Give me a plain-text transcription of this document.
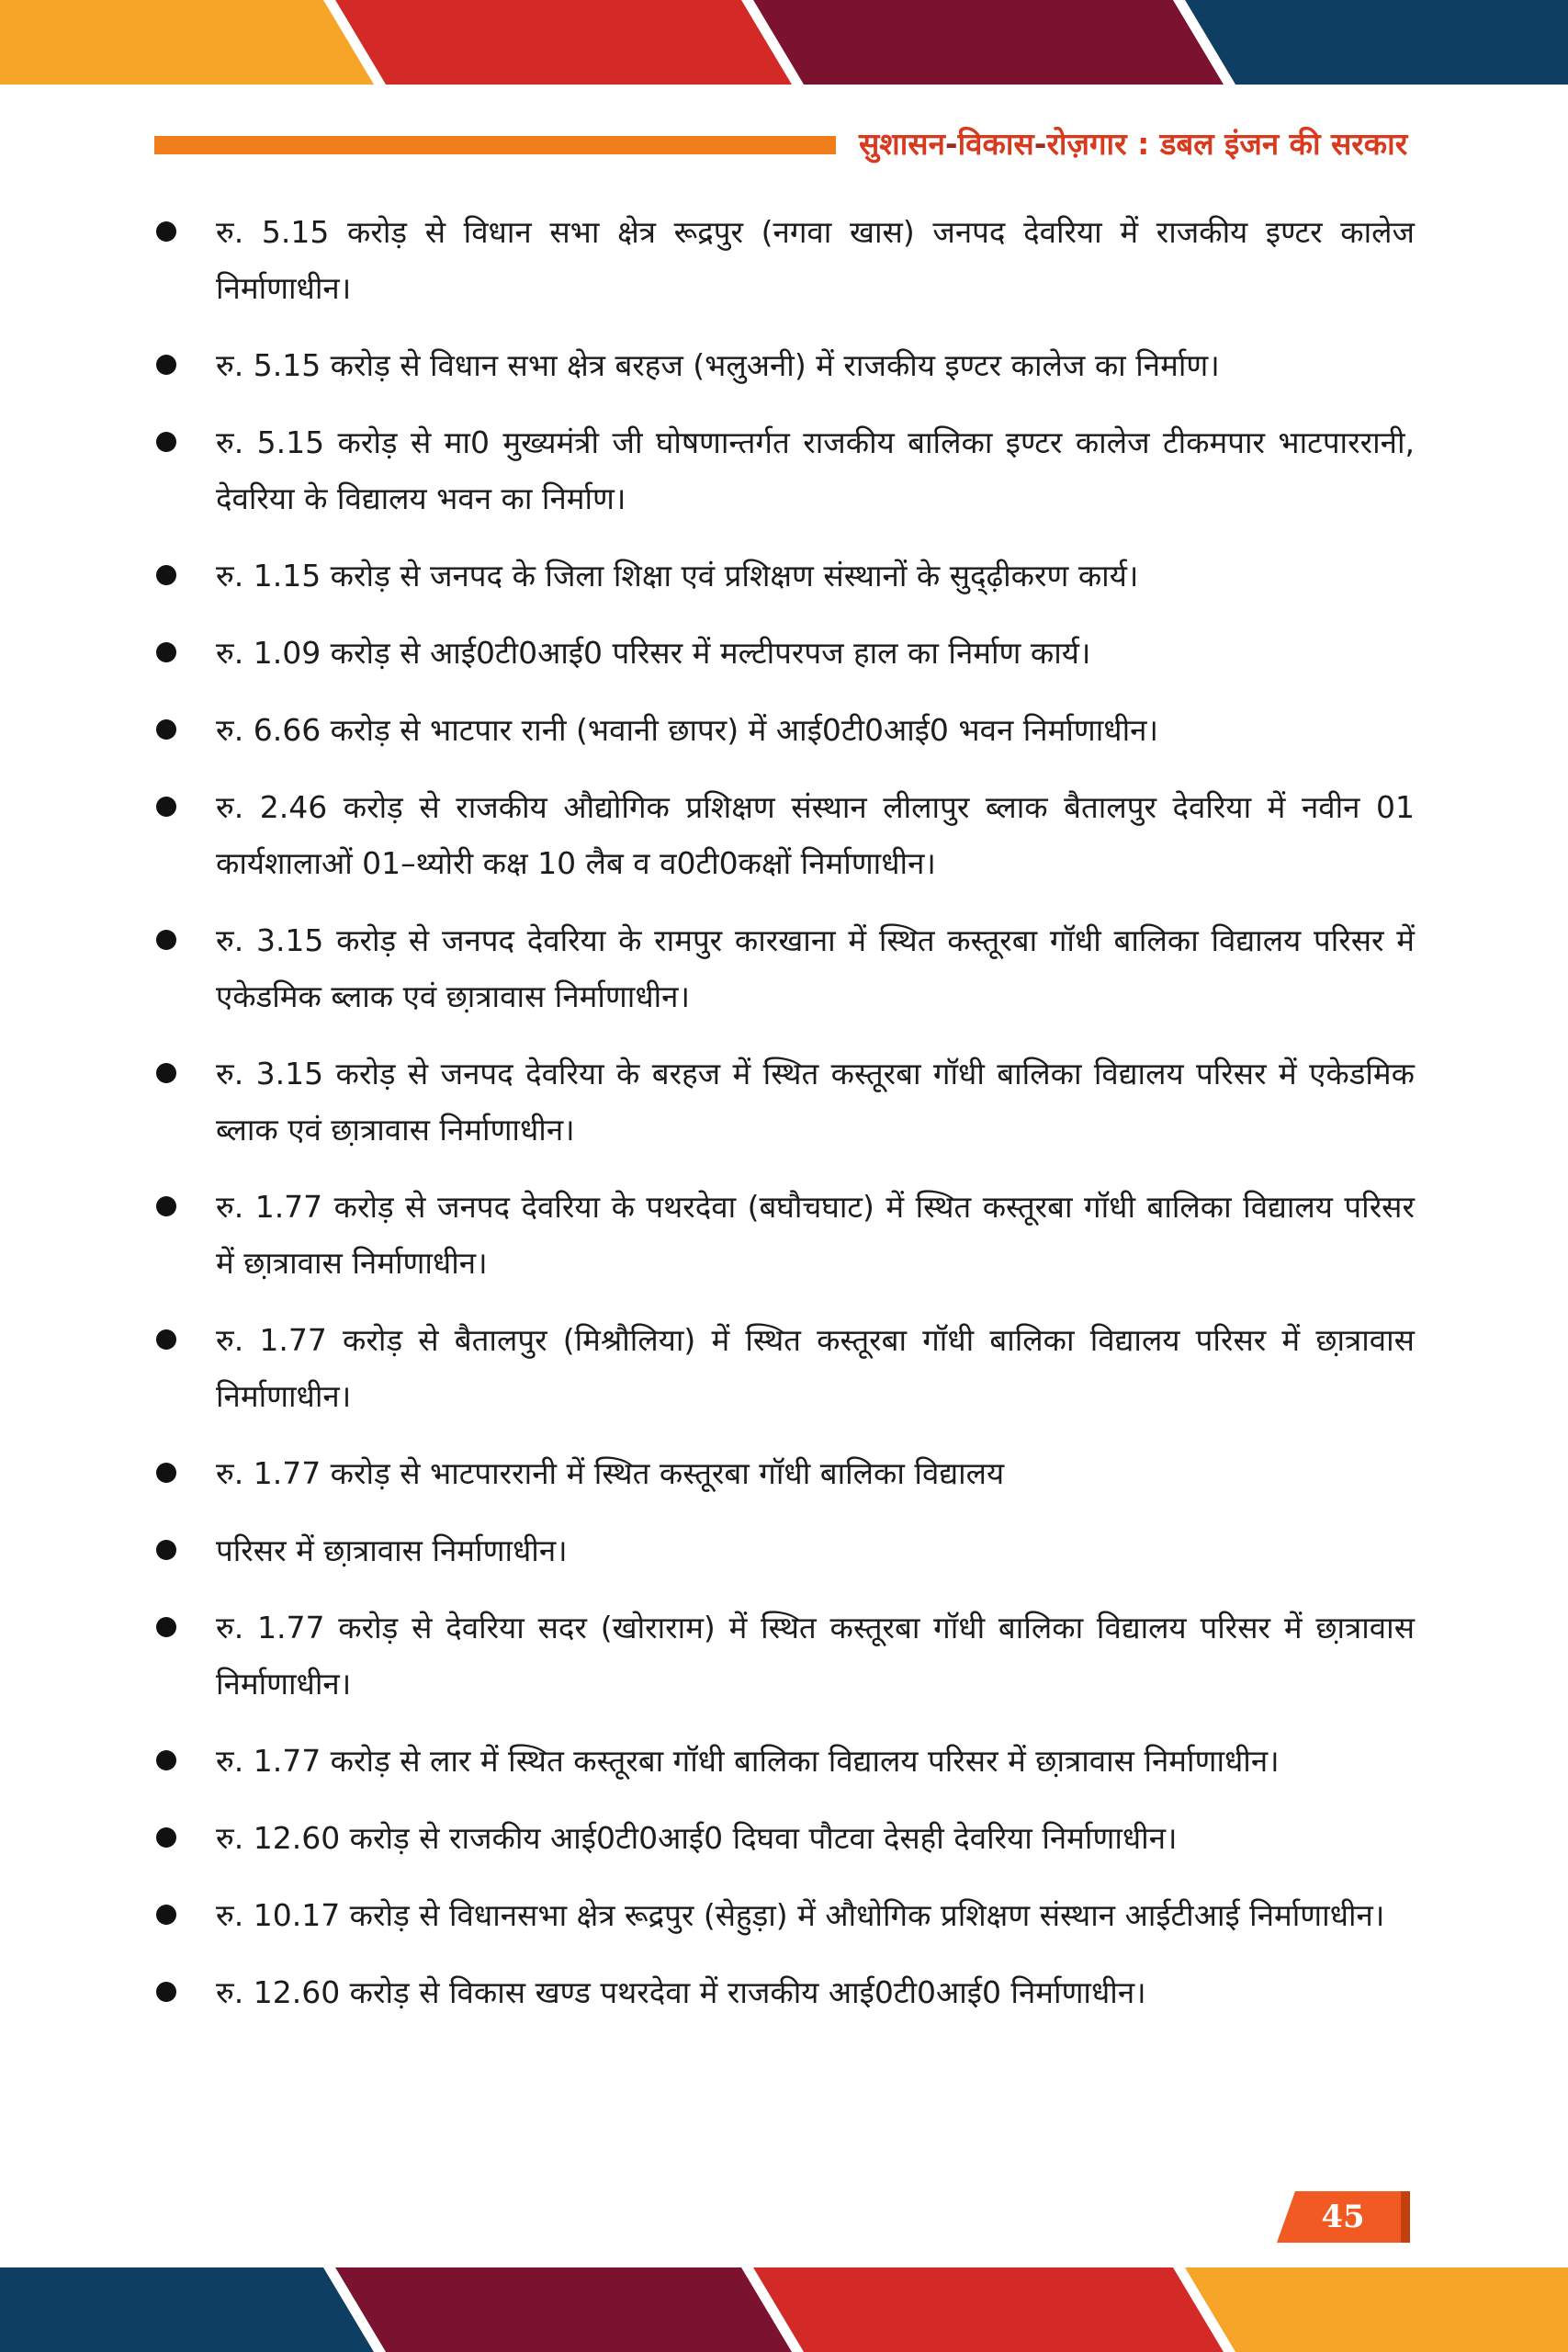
सुशासन-विकास-रोज़गार : डबल इंजन की सरकार
रु. 5.15 करोड़ से विधान सभा क्षेत्र रूद्रपुर (नगवा खास) जनपद देवरिया में राजकीय इण्टर कालेज निर्माणाधीन।
रु. 5.15 करोड़ से विधान सभा क्षेत्र बरहज (भलुअनी) में राजकीय इण्टर कालेज का निर्माण।
रु. 5.15 करोड़ से मा0 मुख्यमंत्री जी घोषणान्तर्गत राजकीय बालिका इण्टर कालेज टीकमपार भाटपाररानी, देवरिया के विद्यालय भवन का निर्माण।
रु. 1.15 करोड़ से जनपद के जिला शिक्षा एवं प्रशिक्षण संस्थानों के सुद्ढ़ीकरण कार्य।
रु. 1.09 करोड़ से आई0टी0आई0 परिसर में मल्टीपरपज हाल का निर्माण कार्य।
रु. 6.66 करोड़ से भाटपार रानी (भवानी छापर) में आई0टी0आई0 भवन निर्माणाधीन।
रु. 2.46 करोड़ से राजकीय औद्योगिक प्रशिक्षण संस्थान लीलापुर ब्लाक बैतालपुर देवरिया में नवीन 01 कार्यशालाओं 01–थ्योरी कक्ष 10 लैब व व0टी0कक्षों निर्माणाधीन।
रु. 3.15 करोड़ से जनपद देवरिया के रामपुर कारखाना में स्थित कस्तूरबा गॉधी बालिका विद्यालय परिसर में एकेडमिक ब्लाक एवं छा़त्रावास निर्माणाधीन।
रु. 3.15 करोड़ से जनपद देवरिया के बरहज में स्थित कस्तूरबा गॉधी बालिका विद्यालय परिसर में एकेडमिक ब्लाक एवं छा़त्रावास निर्माणाधीन।
रु. 1.77 करोड़ से जनपद देवरिया के पथरदेवा (बघौचघाट) में स्थित कस्तूरबा गॉधी बालिका विद्यालय परिसर में छा़त्रावास निर्माणाधीन।
रु. 1.77 करोड़ से बैतालपुर (मिश्रौलिया) में स्थित कस्तूरबा गॉधी बालिका विद्यालय परिसर में छा़त्रावास निर्माणाधीन।
रु. 1.77 करोड़ से भाटपाररानी में स्थित कस्तूरबा गॉधी बालिका विद्यालय
परिसर में छा़त्रावास निर्माणाधीन।
रु. 1.77 करोड़ से देवरिया सदर (खोराराम) में स्थित कस्तूरबा गॉधी बालिका विद्यालय परिसर में छा़त्रावास निर्माणाधीन।
रु. 1.77 करोड़ से लार में स्थित कस्तूरबा गॉधी बालिका विद्यालय परिसर में छा़त्रावास निर्माणाधीन।
रु. 12.60 करोड़ से राजकीय आई0टी0आई0 दिघवा पौटवा देसही देवरिया निर्माणाधीन।
रु. 10.17 करोड़ से विधानसभा क्षेत्र रूद्रपुर (सेहुड़ा) में औधोगिक प्रशिक्षण संस्थान आईटीआई निर्माणाधीन।
रु. 12.60 करोड़ से विकास खण्ड पथरदेवा में राजकीय आई0टी0आई0 निर्माणाधीन।
45
